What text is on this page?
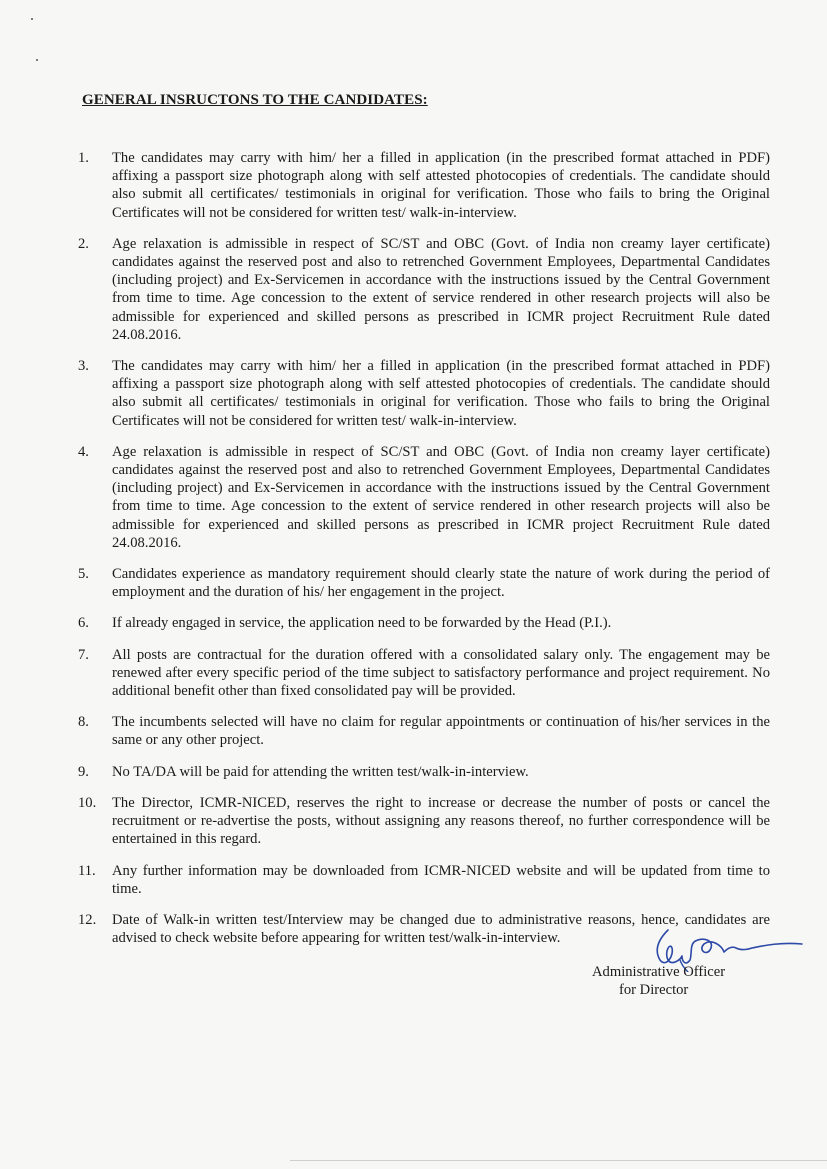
GENERAL INSRUCTONS TO THE CANDIDATES:
1.	The candidates may carry with him/ her a filled in application (in the prescribed format attached in PDF) affixing a passport size photograph along with self attested photocopies of credentials. The candidate should also submit all certificates/ testimonials in original for verification. Those who fails to bring the Original Certificates will not be considered for written test/ walk-in-interview.
2.	Age relaxation is admissible in respect of SC/ST and OBC (Govt. of India non creamy layer certificate) candidates against the reserved post and also to retrenched Government Employees, Departmental Candidates (including project) and Ex-Servicemen in accordance with the instructions issued by the Central Government from time to time. Age concession to the extent of service rendered in other research projects will also be admissible for experienced and skilled persons as prescribed in ICMR project Recruitment Rule dated 24.08.2016.
3.	The candidates may carry with him/ her a filled in application (in the prescribed format attached in PDF) affixing a passport size photograph along with self attested photocopies of credentials. The candidate should also submit all certificates/ testimonials in original for verification. Those who fails to bring the Original Certificates will not be considered for written test/ walk-in-interview.
4.	Age relaxation is admissible in respect of SC/ST and OBC (Govt. of India non creamy layer certificate) candidates against the reserved post and also to retrenched Government Employees, Departmental Candidates (including project) and Ex-Servicemen in accordance with the instructions issued by the Central Government from time to time. Age concession to the extent of service rendered in other research projects will also be admissible for experienced and skilled persons as prescribed in ICMR project Recruitment Rule dated 24.08.2016.
5.	Candidates experience as mandatory requirement should clearly state the nature of work during the period of employment and the duration of his/ her engagement in the project.
6.	If already engaged in service, the application need to be forwarded by the Head (P.I.).
7.	All posts are contractual for the duration offered with a consolidated salary only. The engagement may be renewed after every specific period of the time subject to satisfactory performance and project requirement. No additional benefit other than fixed consolidated pay will be provided.
8.	The incumbents selected will have no claim for regular appointments or continuation of his/her services in the same or any other project.
9.	No TA/DA will be paid for attending the written test/walk-in-interview.
10.	The Director, ICMR-NICED, reserves the right to increase or decrease the number of posts or cancel the recruitment or re-advertise the posts, without assigning any reasons thereof, no further correspondence will be entertained in this regard.
11.	Any further information may be downloaded from ICMR-NICED website and will be updated from time to time.
12.	Date of Walk-in written test/Interview may be changed due to administrative reasons, hence, candidates are advised to check website before appearing for written test/walk-in-interview.
Administrative Officer
for Director
